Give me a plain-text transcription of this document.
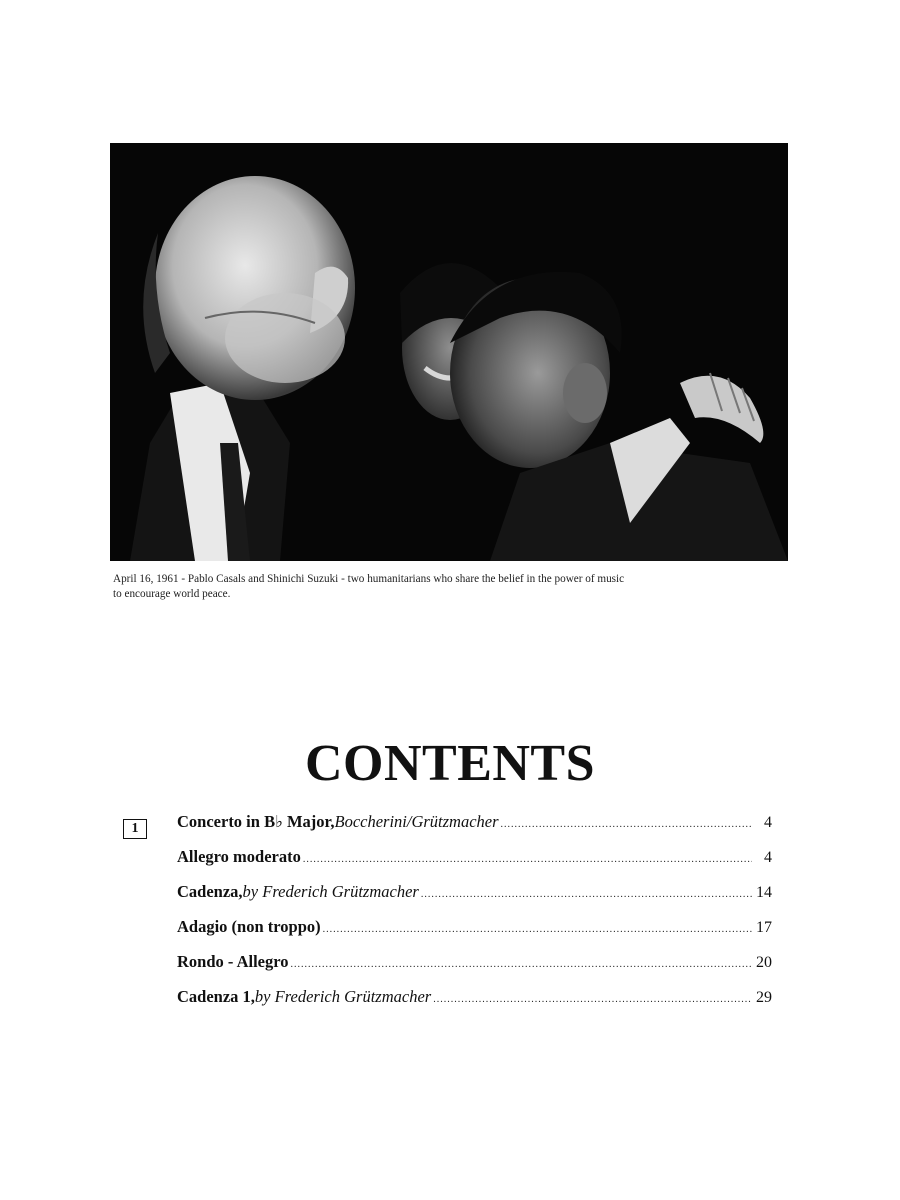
April 16, 1961 - Pablo Casals and Shinichi Suzuki - two humanitarians who share the belief in the power of music
to encourage world peace.
CONTENTS
1	Concerto in B♭ Major, Boccherini/Grützmacher .....	4
Allegro moderato .....	4
Cadenza, by Frederich Grützmacher .....	14
Adagio (non troppo) .....	17
Rondo - Allegro .....	20
Cadenza 1, by Frederich Grützmacher .....	29
